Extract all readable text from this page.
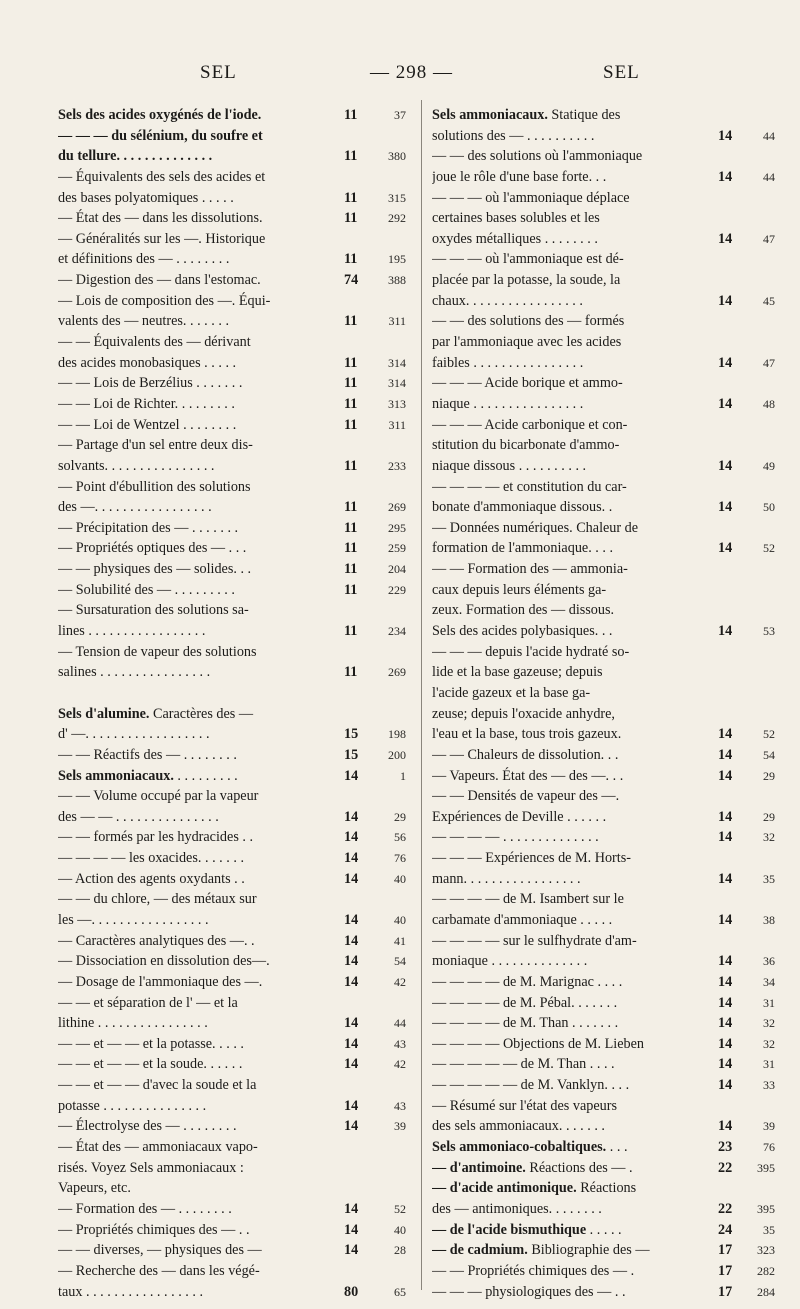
SEL	— 298 —	SEL
Sels des acides oxygénés de l'iode.	11	37
— — — du sélénium, du soufre et
du tellure. . . . . . . . . . . . . .	11	380
— Équivalents des sels des acides et
des bases polyatomiques . . . . .	11	315
— État des — dans les dissolutions.	11	292
— Généralités sur les —. Historique
et définitions des — . . . . . . . .	11	195
— Digestion des — dans l'estomac.	74	388
— Lois de composition des —. Équi-
valents des — neutres. . . . . . .	11	311
— — Équivalents des — dérivant
des acides monobasiques . . . . .	11	314
— — Lois de Berzélius . . . . . . .	11	314
— — Loi de Richter. . . . . . . . .	11	313
— — Loi de Wentzel . . . . . . . .	11	311
— Partage d'un sel entre deux dis-
solvants. . . . . . . . . . . . . . . .	11	233
— Point d'ébullition des solutions
des —. . . . . . . . . . . . . . . . .	11	269
— Précipitation des — . . . . . . .	11	295
— Propriétés optiques des — . . .	11	259
— — physiques des — solides. . .	11	204
— Solubilité des — . . . . . . . . .	11	229
— Sursaturation des solutions sa-
lines . . . . . . . . . . . . . . . . .	11	234
— Tension de vapeur des solutions
salines . . . . . . . . . . . . . . . .	11	269
Sels d'alumine. Caractères des —
d' —. . . . . . . . . . . . . . . . . .	15	198
— — Réactifs des — . . . . . . . .	15	200
Sels ammoniacaux. . . . . . . . . .	14	1
— — Volume occupé par la vapeur
des — — . . . . . . . . . . . . . . .	14	29
— — formés par les hydracides . .	14	56
— — — — les oxacides. . . . . . .	14	76
— Action des agents oxydants . .	14	40
— — du chlore, — des métaux sur
les —. . . . . . . . . . . . . . . . .	14	40
— Caractères analytiques des —. .	14	41
— Dissociation en dissolution des—.	14	54
— Dosage de l'ammoniaque des —.	14	42
— — et séparation de l' — et la
lithine . . . . . . . . . . . . . . . .	14	44
— — et — — et la potasse. . . . .	14	43
— — et — — et la soude. . . . . .	14	42
— — et — — d'avec la soude et la
potasse . . . . . . . . . . . . . . .	14	43
— Électrolyse des — . . . . . . . .	14	39
— État des — ammoniacaux vapo-
risés. Voyez Sels ammoniacaux :
Vapeurs, etc.
— Formation des — . . . . . . . .	14	52
— Propriétés chimiques des — . .	14	40
— — diverses, — physiques des —	14	28
— Recherche des — dans les végé-
taux . . . . . . . . . . . . . . . . .	80	65
Sels ammoniacaux. Statique des
solutions des — . . . . . . . . . .	14	44
— — des solutions où l'ammoniaque
joue le rôle d'une base forte. . .	14	44
— — — où l'ammoniaque déplace
certaines bases solubles et les
oxydes métalliques . . . . . . . .	14	47
— — — où l'ammoniaque est dé-
placée par la potasse, la soude, la
chaux. . . . . . . . . . . . . . . . .	14	45
— — des solutions des — formés
par l'ammoniaque avec les acides
faibles . . . . . . . . . . . . . . . .	14	47
— — — Acide borique et ammo-
niaque . . . . . . . . . . . . . . . .	14	48
— — — Acide carbonique et con-
stitution du bicarbonate d'ammo-
niaque dissous . . . . . . . . . .	14	49
— — — — et constitution du car-
bonate d'ammoniaque dissous. .	14	50
— Données numériques. Chaleur de
formation de l'ammoniaque. . . .	14	52
— — Formation des — ammonia-
caux depuis leurs éléments ga-
zeux. Formation des — dissous.
Sels des acides polybasiques. . .	14	53
— — — depuis l'acide hydraté so-
lide et la base gazeuse; depuis
l'acide gazeux et la base ga-
zeuse; depuis l'oxacide anhydre,
l'eau et la base, tous trois gazeux.	14	52
— — Chaleurs de dissolution. . .	14	54
— Vapeurs. État des — des —. . .	14	29
— — Densités de vapeur des —.
Expériences de Deville . . . . . .	14	29
— — — — . . . . . . . . . . . . . .	14	32
— — — Expériences de M. Horts-
mann. . . . . . . . . . . . . . . . .	14	35
— — — — de M. Isambert sur le
carbamate d'ammoniaque . . . . .	14	38
— — — — sur le sulfhydrate d'am-
moniaque . . . . . . . . . . . . . .	14	36
— — — — de M. Marignac . . . .	14	34
— — — — de M. Pébal. . . . . . .	14	31
— — — — de M. Than . . . . . . .	14	32
— — — — Objections de M. Lieben	14	32
— — — — — de M. Than . . . .	14	31
— — — — — de M. Vanklyn. . . .	14	33
— Résumé sur l'état des vapeurs
des sels ammoniacaux. . . . . . .	14	39
Sels ammoniaco-cobaltiques. . . .	23	76
— d'antimoine. Réactions des — .	22	395
— d'acide antimonique. Réactions
des — antimoniques. . . . . . . .	22	395
— de l'acide bismuthique . . . . .	24	35
— de cadmium. Bibliographie des —	17	323
— — Propriétés chimiques des — .	17	282
— — — physiologiques des — . .	17	284
